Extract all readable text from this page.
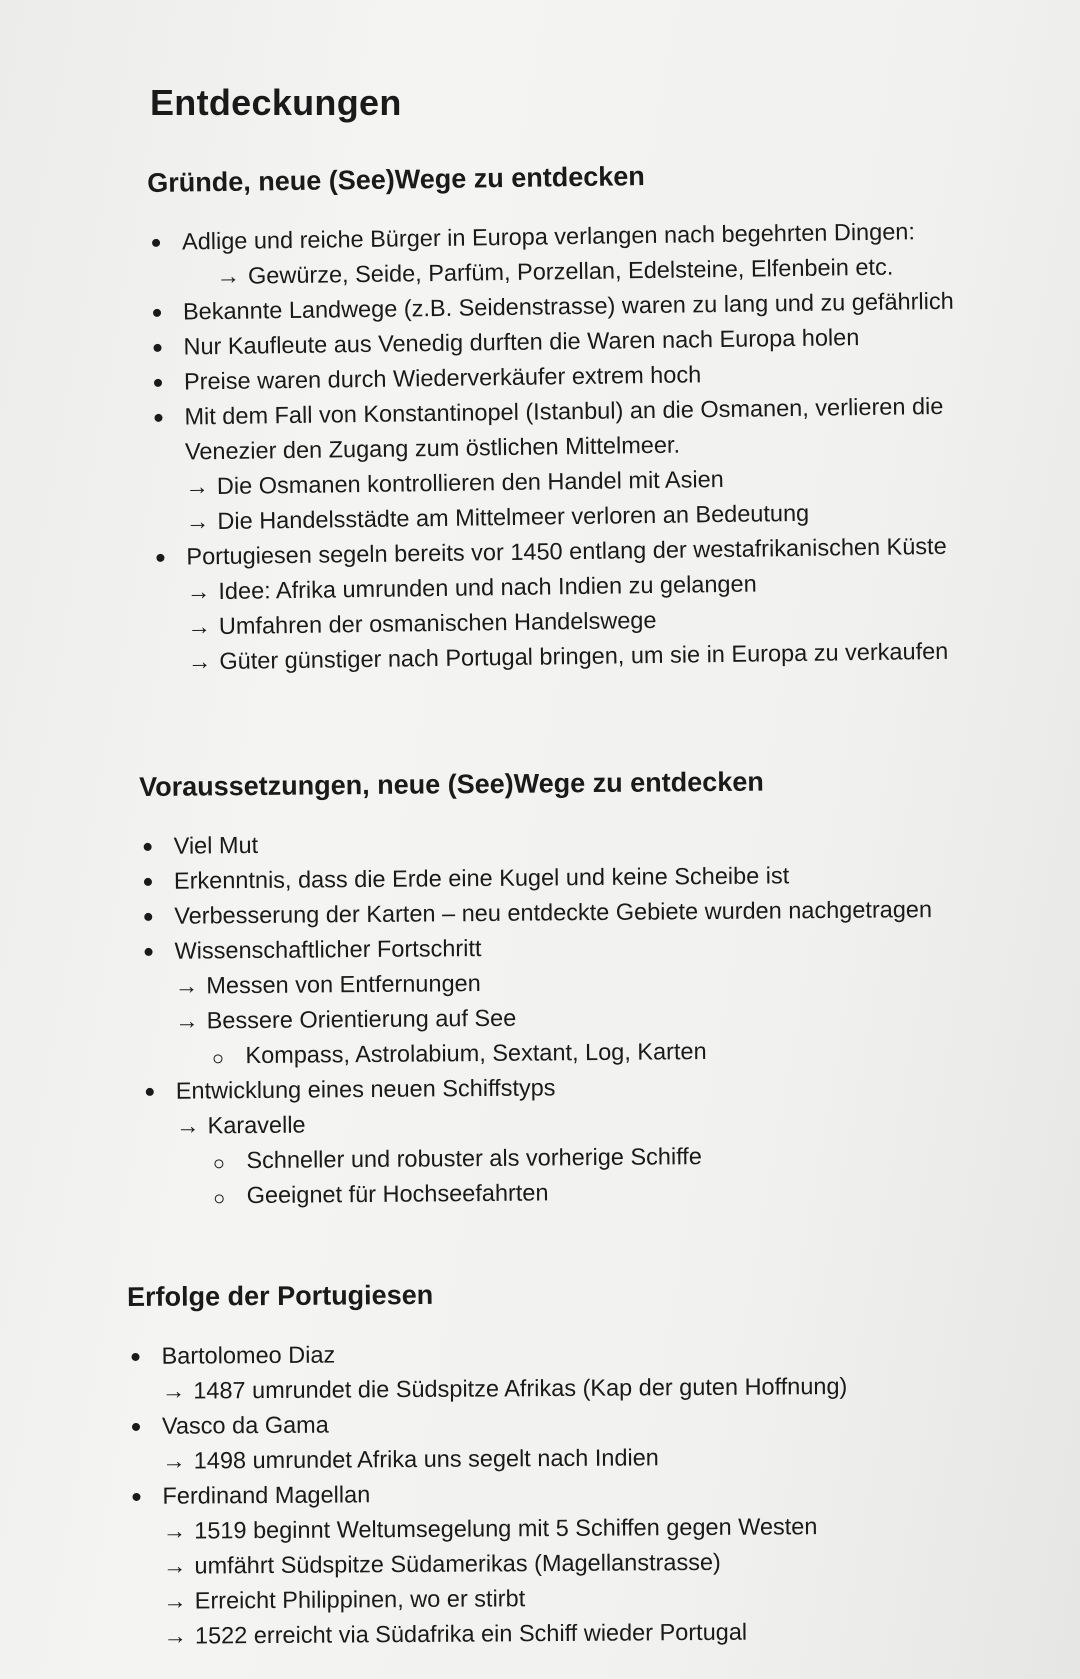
Entdeckungen
Gründe, neue (See)Wege zu entdecken
Adlige und reiche Bürger in Europa verlangen nach begehrten Dingen:
→ Gewürze, Seide, Parfüm, Porzellan, Edelsteine, Elfenbein etc.
Bekannte Landwege (z.B. Seidenstrasse) waren zu lang und zu gefährlich
Nur Kaufleute aus Venedig durften die Waren nach Europa holen
Preise waren durch Wiederverkäufer extrem hoch
Mit dem Fall von Konstantinopel (Istanbul) an die Osmanen, verlieren die
Venezier den Zugang zum östlichen Mittelmeer.
→ Die Osmanen kontrollieren den Handel mit Asien
→ Die Handelsstädte am Mittelmeer verloren an Bedeutung
Portugiesen segeln bereits vor 1450 entlang der westafrikanischen Küste
→ Idee: Afrika umrunden und nach Indien zu gelangen
→ Umfahren der osmanischen Handelswege
→ Güter günstiger nach Portugal bringen, um sie in Europa zu verkaufen
Voraussetzungen, neue (See)Wege zu entdecken
Viel Mut
Erkenntnis, dass die Erde eine Kugel und keine Scheibe ist
Verbesserung der Karten – neu entdeckte Gebiete wurden nachgetragen
Wissenschaftlicher Fortschritt
→ Messen von Entfernungen
→ Bessere Orientierung auf See
Kompass, Astrolabium, Sextant, Log, Karten
Entwicklung eines neuen Schiffstyps
→ Karavelle
Schneller und robuster als vorherige Schiffe
Geeignet für Hochseefahrten
Erfolge der Portugiesen
Bartolomeo Diaz
→ 1487 umrundet die Südspitze Afrikas (Kap der guten Hoffnung)
Vasco da Gama
→ 1498 umrundet Afrika uns segelt nach Indien
Ferdinand Magellan
→ 1519 beginnt Weltumsegelung mit 5 Schiffen gegen Westen
→ umfährt Südspitze Südamerikas (Magellanstrasse)
→ Erreicht Philippinen, wo er stirbt
→ 1522 erreicht via Südafrika ein Schiff wieder Portugal
